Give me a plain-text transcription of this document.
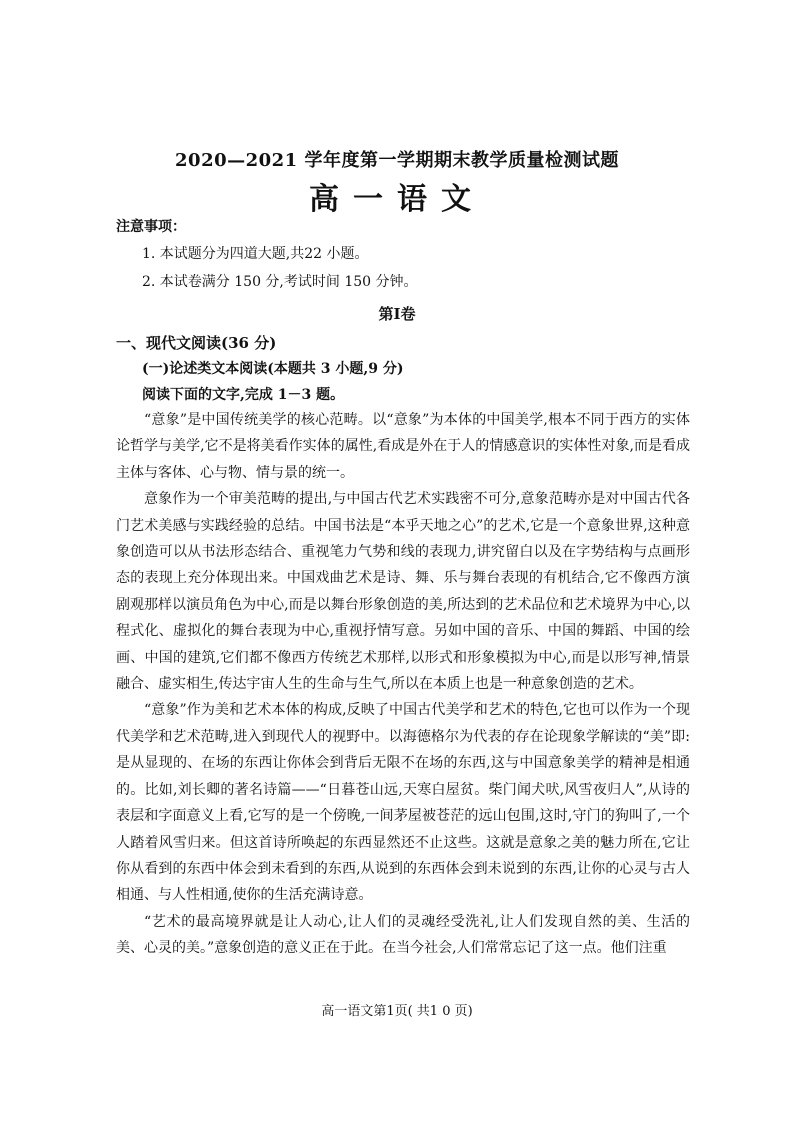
2020—2021 学年度第一学期期末教学质量检测试题
高一语文
注意事项：
1. 本试题分为四道大题,共22 小题。
2. 本试卷满分 150 分,考试时间 150 分钟。
第Ⅰ卷
一、现代文阅读(36 分)
(一)论述类文本阅读(本题共 3 小题,9 分)
阅读下面的文字,完成 1－3 题。

“意象”是中国传统美学的核心范畴。以“意象”为本体的中国美学,根本不同于西方的实体论哲学与美学,它不是将美看作实体的属性,看成是外在于人的情感意识的实体性对象,而是看成主体与客体、心与物、情与景的统一。

意象作为一个审美范畴的提出,与中国古代艺术实践密不可分,意象范畴亦是对中国古代各门艺术美感与实践经验的总结。中国书法是“本乎天地之心”的艺术,它是一个意象世界,这种意象创造可以从书法形态结合、重视笔力气势和线的表现力,讲究留白以及在字势结构与点画形态的表现上充分体现出来。中国戏曲艺术是诗、舞、乐与舞台表现的有机结合,它不像西方演剧观那样以演员角色为中心,而是以舞台形象创造的美,所达到的艺术品位和艺术境界为中心,以程式化、虚拟化的舞台表现为中心,重视抒情写意。另如中国的音乐、中国的舞蹈、中国的绘画、中国的建筑,它们都不像西方传统艺术那样,以形式和形象模拟为中心,而是以形写神,情景融合、虚实相生,传达宇宙人生的生命与生气,所以在本质上也是一种意象创造的艺术。

“意象”作为美和艺术本体的构成,反映了中国古代美学和艺术的特色,它也可以作为一个现代美学和艺术范畴,进入到现代人的视野中。以海德格尔为代表的存在论现象学解读的“美”即:是从显现的、在场的东西让你体会到背后无限不在场的东西,这与中国意象美学的精神是相通的。比如,刘长卿的著名诗篇——“日暮苍山远,天寒白屋贫。柴门闻犬吠,风雪夜归人”,从诗的表层和字面意义上看,它写的是一个傍晚,一间茅屋被苍茫的远山包围,这时,守门的狗叫了,一个人踏着风雪归来。但这首诗所唤起的东西显然还不止这些。这就是意象之美的魅力所在,它让你从看到的东西中体会到未看到的东西,从说到的东西体会到未说到的东西,让你的心灵与古人相通、与人性相通,使你的生活充满诗意。

“艺术的最高境界就是让人动心,让人们的灵魂经受洗礼,让人们发现自然的美、生活的美、心灵的美。”意象创造的意义正在于此。在当今社会,人们常常忘记了这一点。他们注重

高一语文第1页( 共1 0 页)
